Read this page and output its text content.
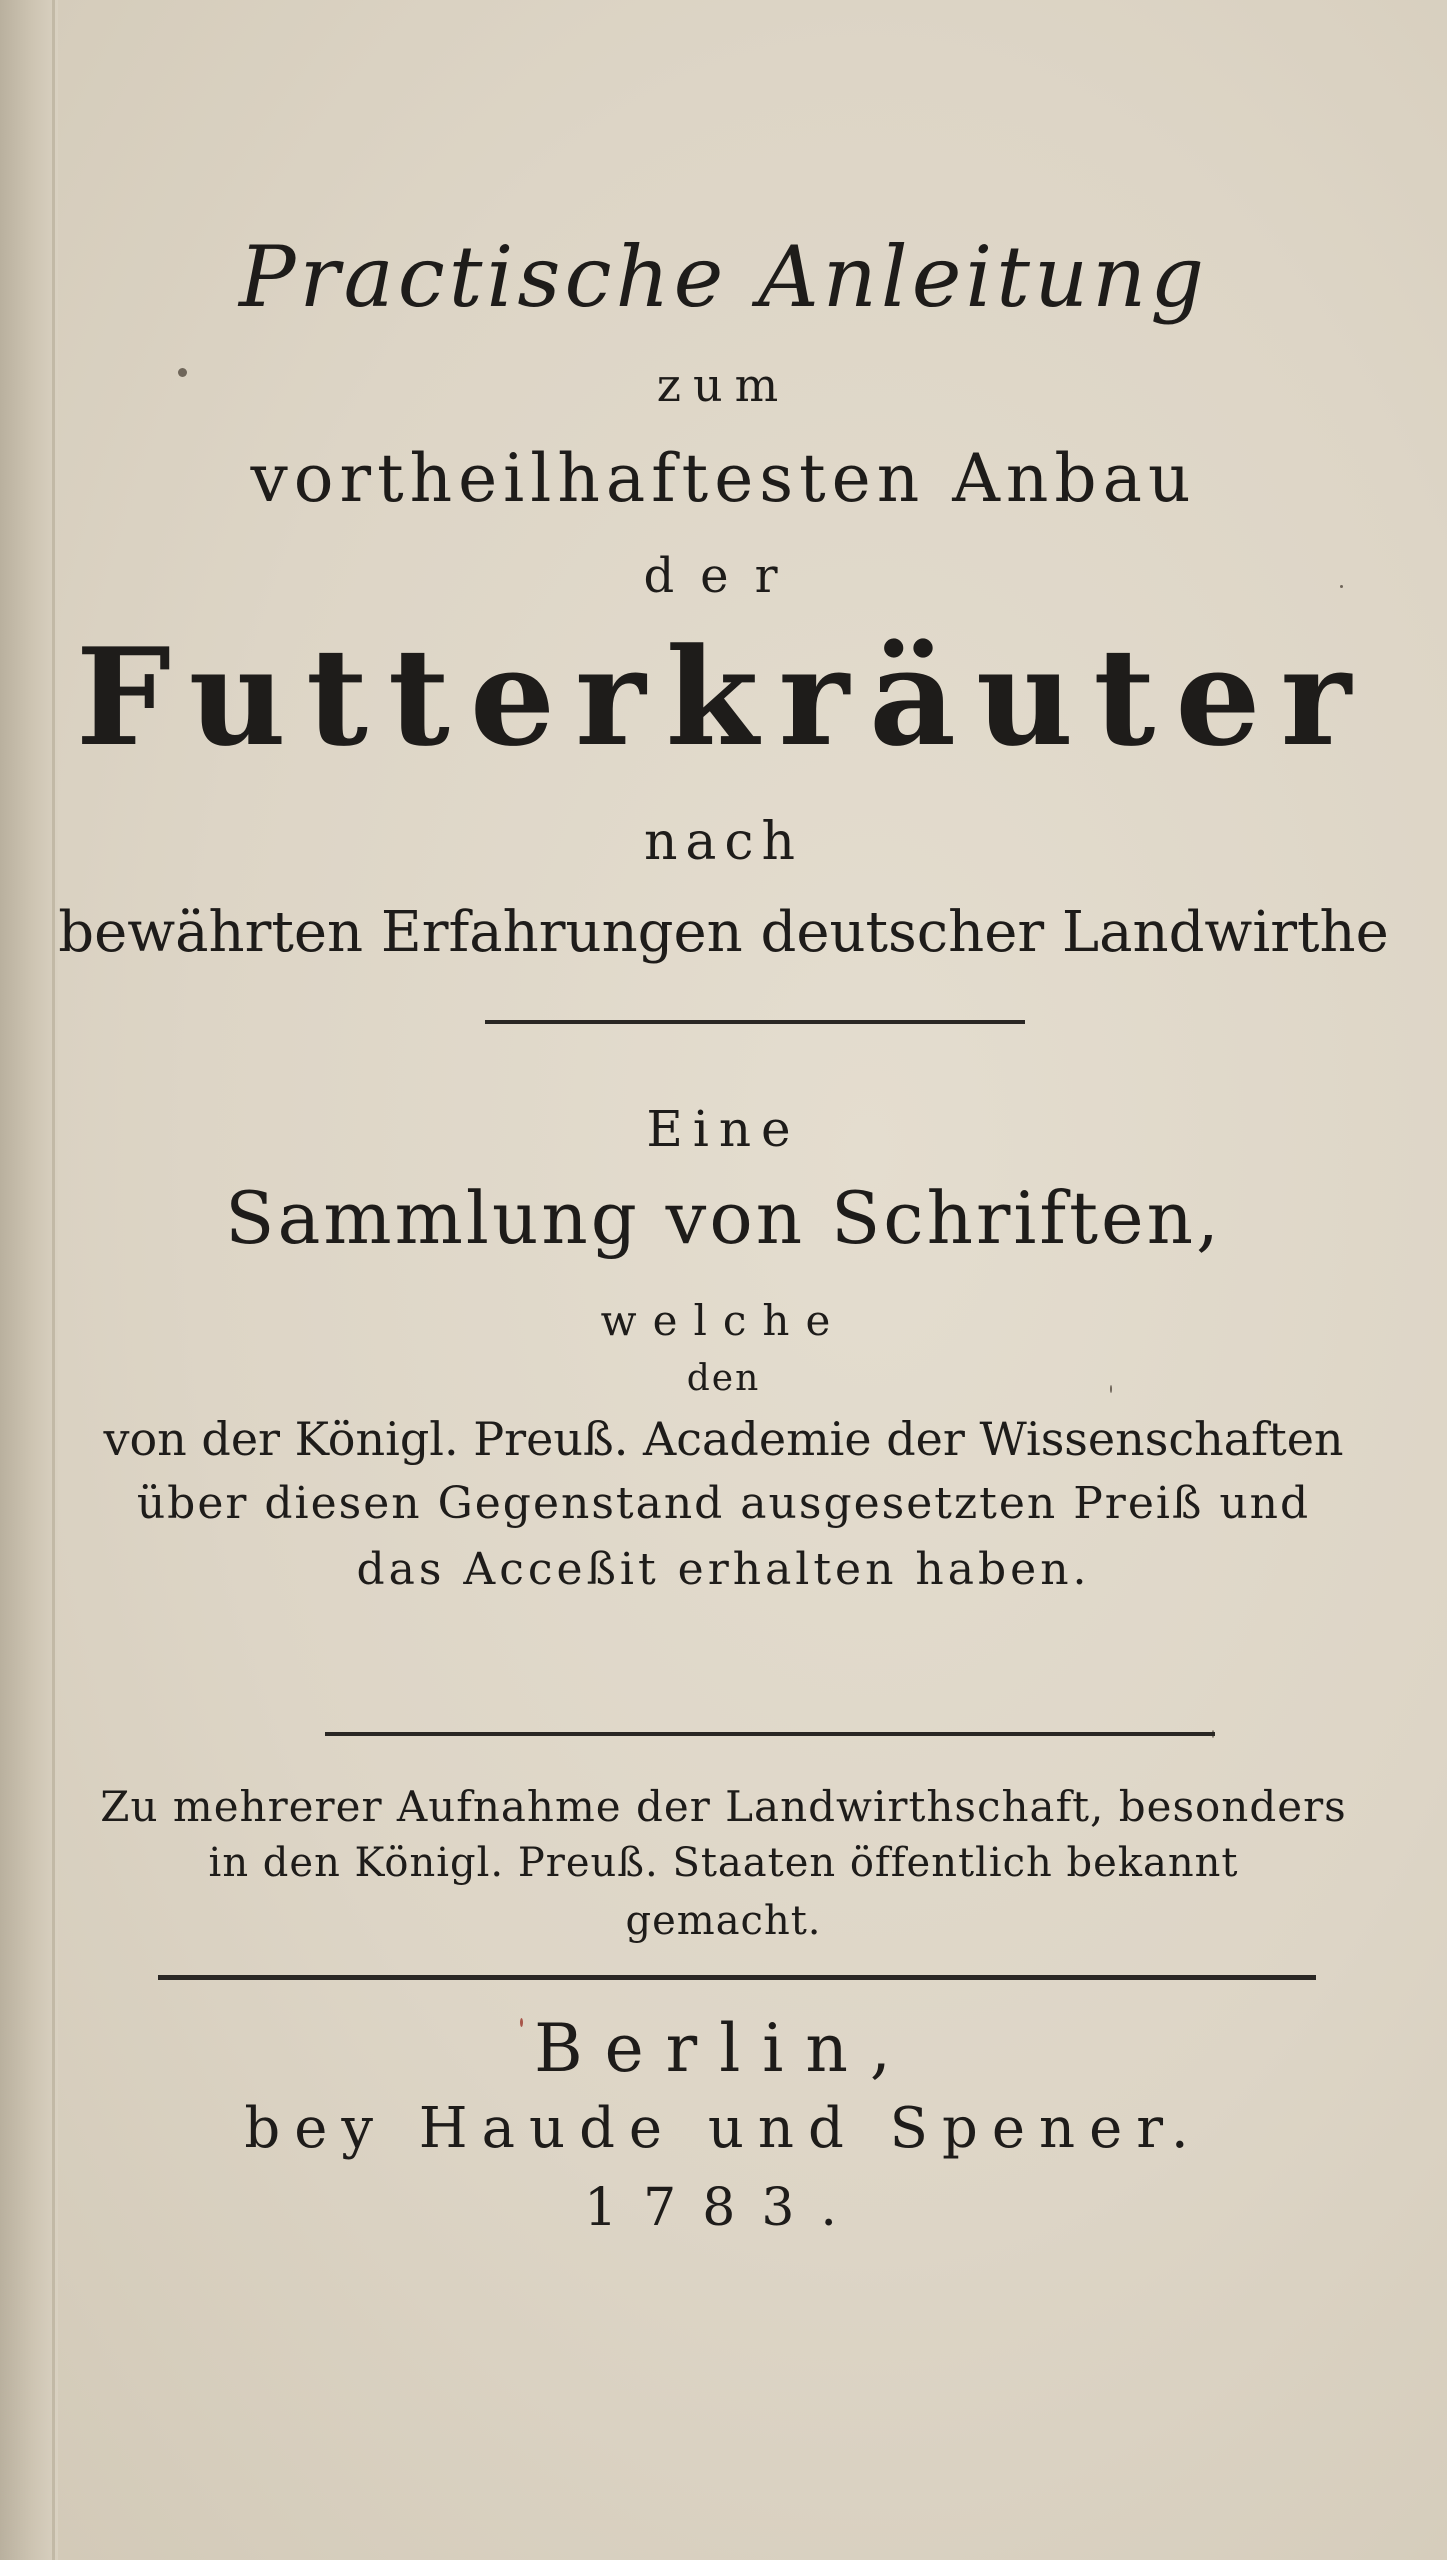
Practische Anleitung
zum
vortheilhaftesten Anbau
der
Futterkräuter
nach
bewährten Erfahrungen deutscher Landwirthe
Eine
Sammlung von Schriften,
welche
den
von der Königl. Preuß. Academie der Wissenschaften
über diesen Gegenstand ausgesetzten Preiß und
das Acceßit erhalten haben.
Zu mehrerer Aufnahme der Landwirthschaft, besonders
in den Königl. Preuß. Staaten öffentlich bekannt
gemacht.
Berlin,
bey Haude und Spener.
1783.
